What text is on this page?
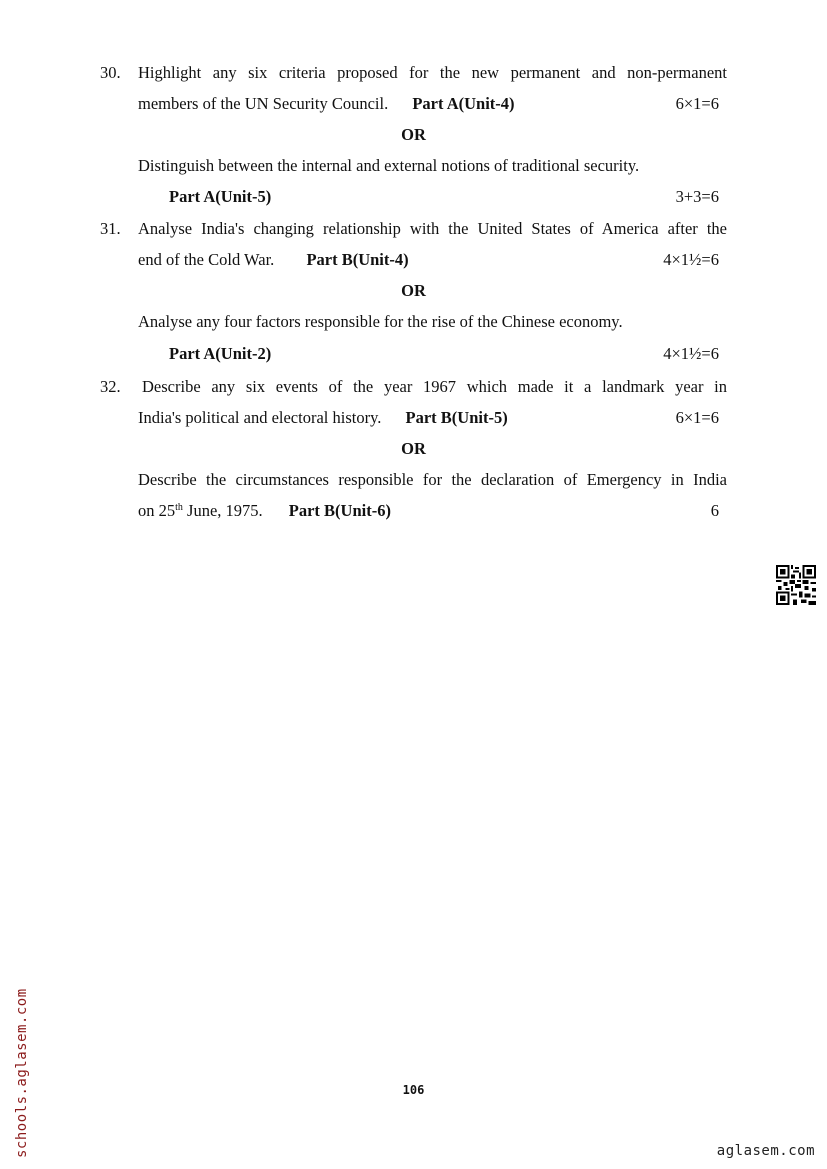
30. Highlight any six criteria proposed for the new permanent and non-permanent
members of the UN Security Council. Part A(Unit-4)	6×1=6
OR
Distinguish between the internal and external notions of traditional security.
Part A(Unit-5)	3+3=6
31. Analyse India's changing relationship with the United States of America after the
end of the Cold War. Part B(Unit-4)	4×1½=6
OR
Analyse any four factors responsible for the rise of the Chinese economy.
Part A(Unit-2)	4×1½=6
32. Describe any six events of the year 1967 which made it a landmark year in
India's political and electoral history. Part B(Unit-5)	6×1=6
OR
Describe the circumstances responsible for the declaration of Emergency in India
on 25th June, 1975. Part B(Unit-6)	6
106
aglasem.com
schools.aglasem.com
